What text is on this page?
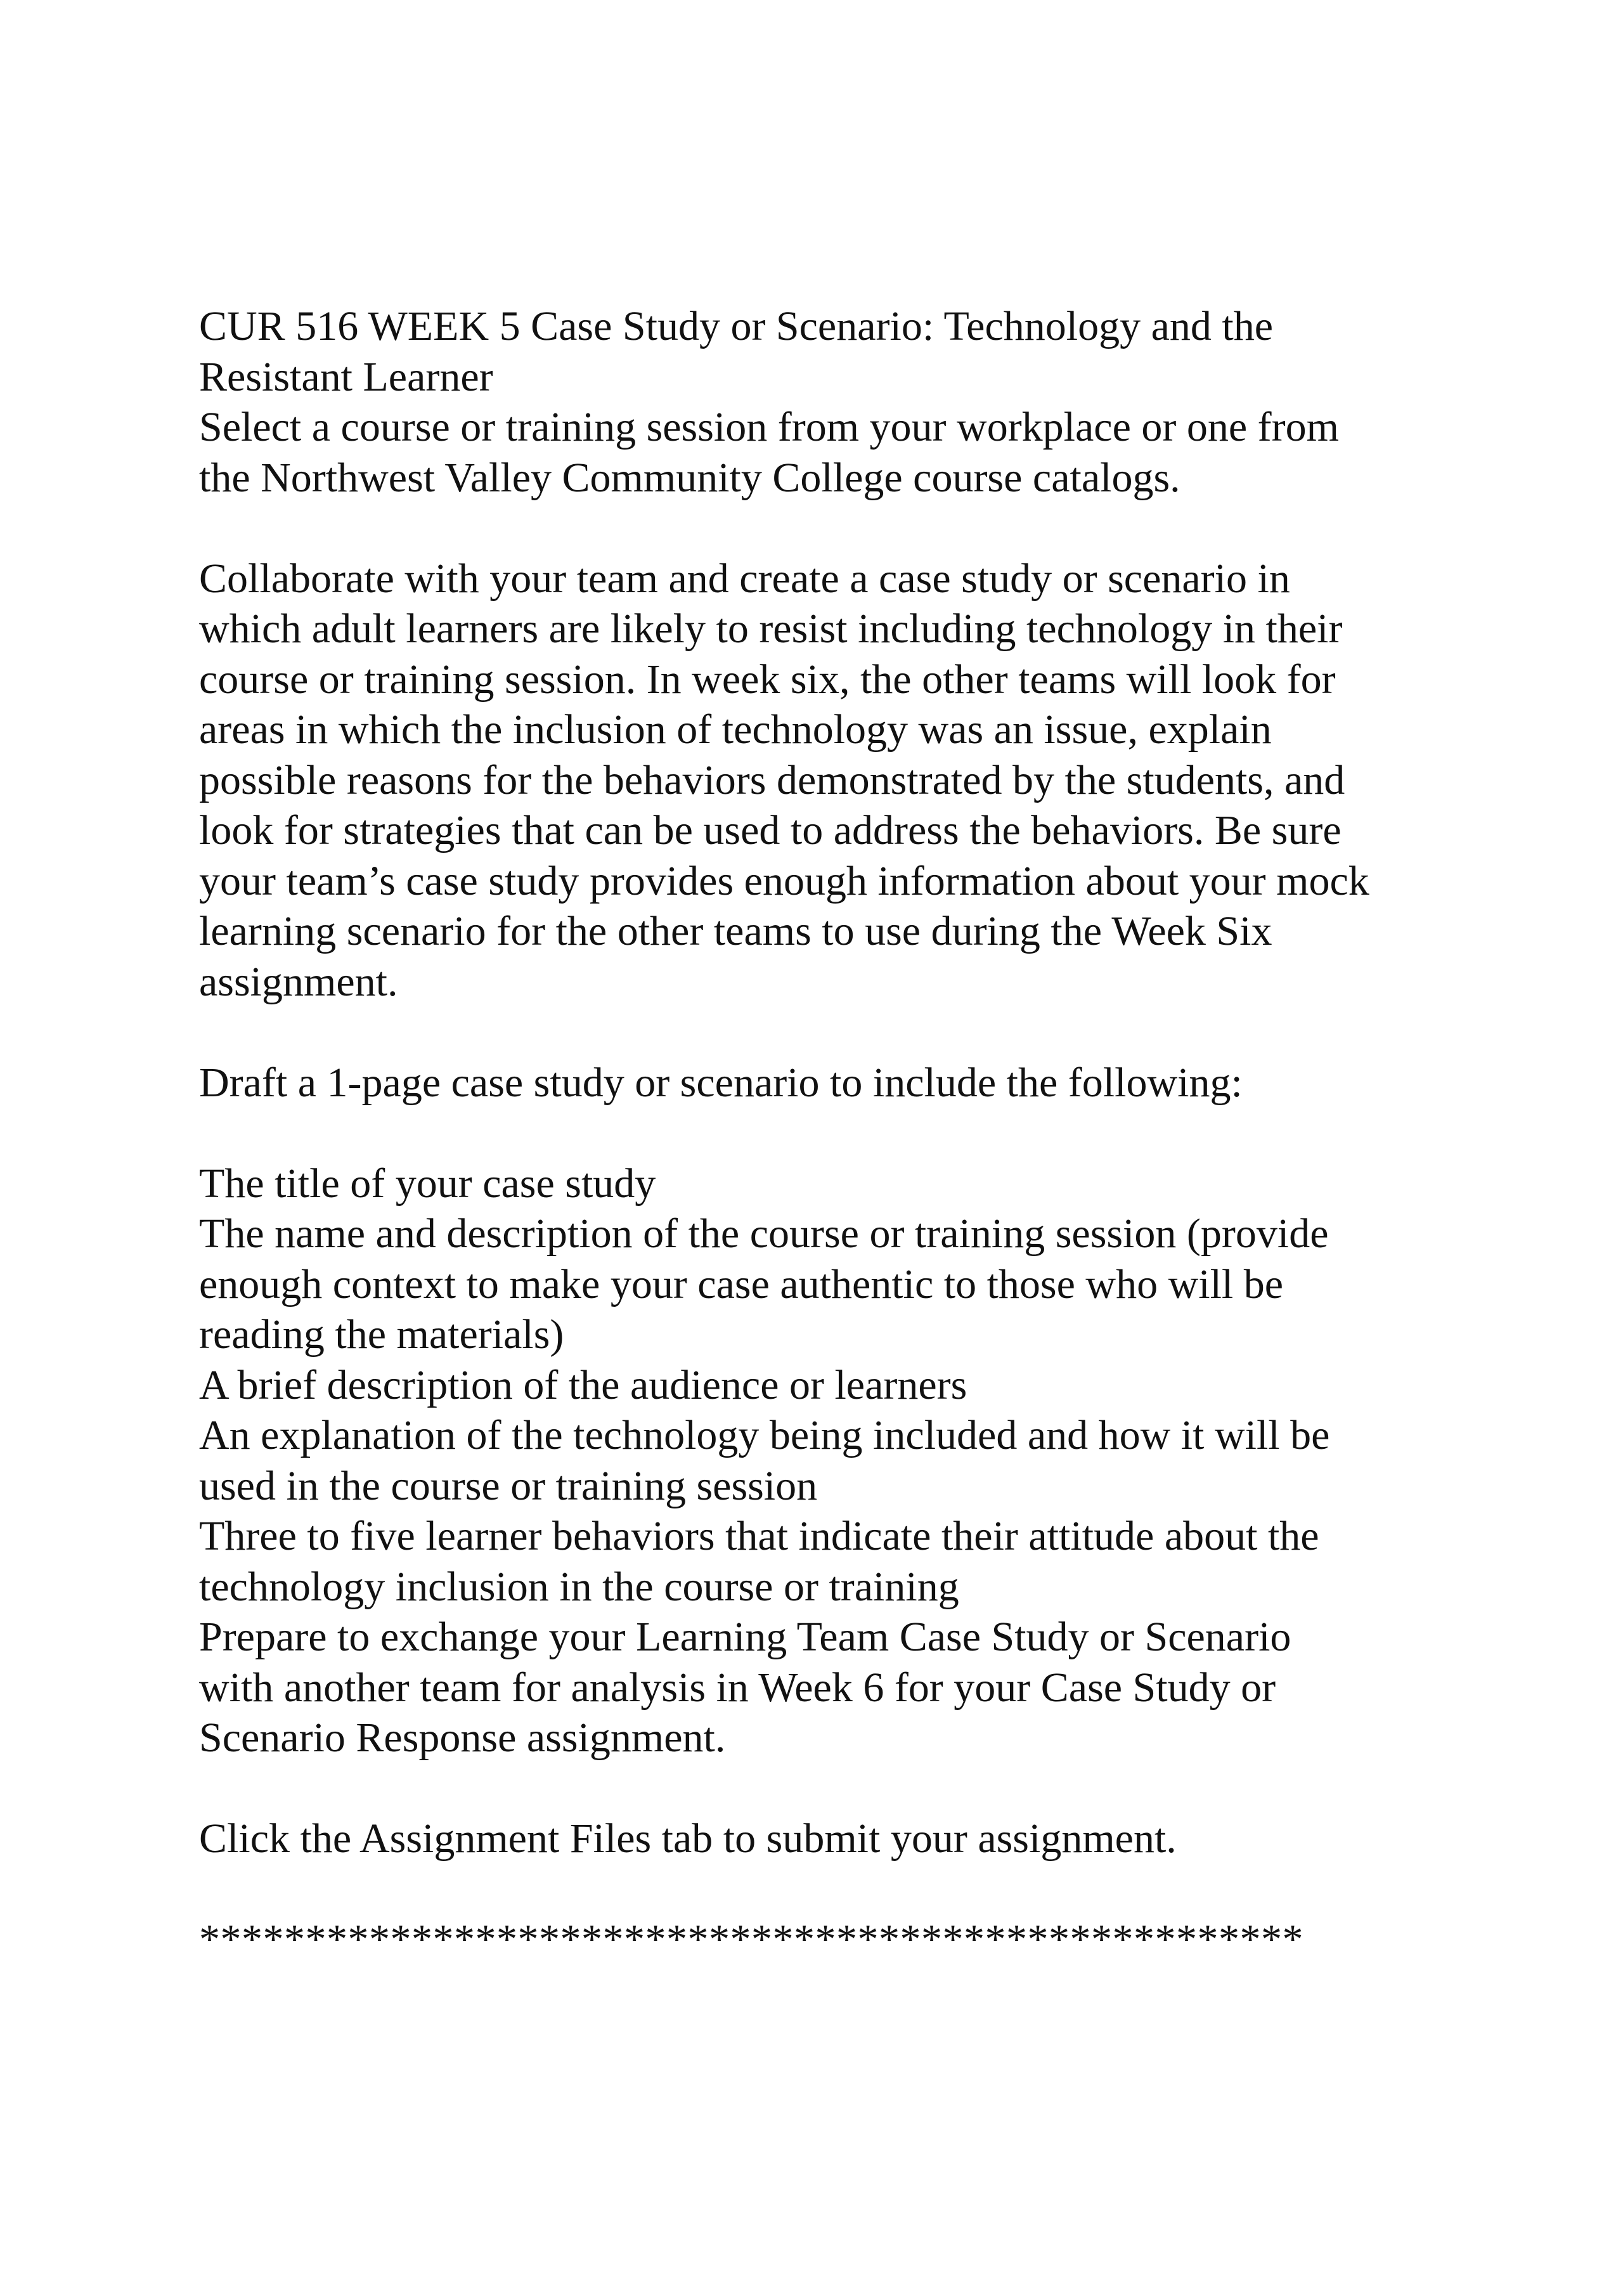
CUR 516 WEEK 5 Case Study or Scenario: Technology and the
Resistant Learner
Select a course or training session from your workplace or one from
the Northwest Valley Community College course catalogs.
Collaborate with your team and create a case study or scenario in
which adult learners are likely to resist including technology in their
course or training session. In week six, the other teams will look for
areas in which the inclusion of technology was an issue, explain
possible reasons for the behaviors demonstrated by the students, and
look for strategies that can be used to address the behaviors. Be sure
your team’s case study provides enough information about your mock
learning scenario for the other teams to use during the Week Six
assignment.
Draft a 1-page case study or scenario to include the following:
The title of your case study
The name and description of the course or training session (provide
enough context to make your case authentic to those who will be
reading the materials)
A brief description of the audience or learners
An explanation of the technology being included and how it will be
used in the course or training session
Three to five learner behaviors that indicate their attitude about the
technology inclusion in the course or training
Prepare to exchange your Learning Team Case Study or Scenario
with another team for analysis in Week 6 for your Case Study or
Scenario Response assignment.
Click the Assignment Files tab to submit your assignment.
****************************************************
